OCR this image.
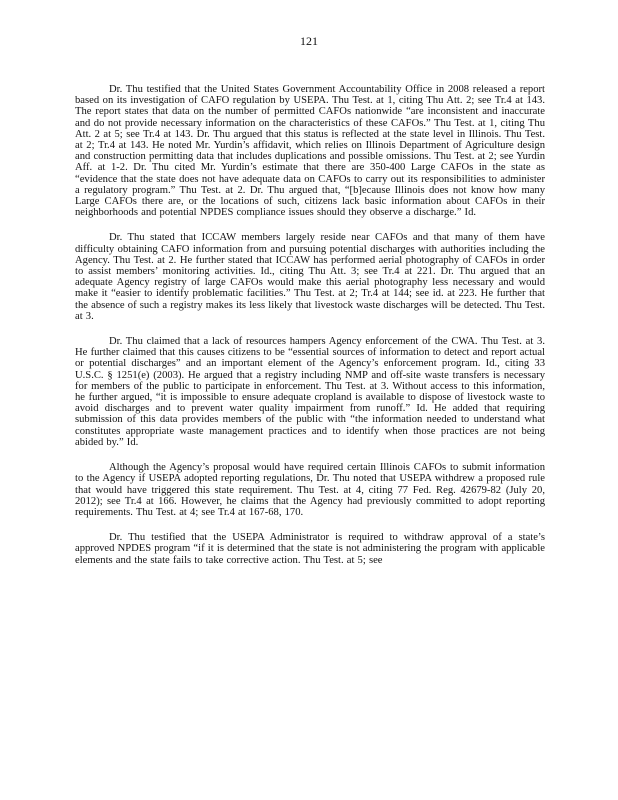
121

Dr. Thu testified that the United States Government Accountability Office in 2008 released a report based on its investigation of CAFO regulation by USEPA. Thu Test. at 1, citing Thu Att. 2; see Tr.4 at 143. The report states that data on the number of permitted CAFOs nationwide “are inconsistent and inaccurate and do not provide necessary information on the characteristics of these CAFOs.” Thu Test. at 1, citing Thu Att. 2 at 5; see Tr.4 at 143. Dr. Thu argued that this status is reflected at the state level in Illinois. Thu Test. at 2; Tr.4 at 143. He noted Mr. Yurdin’s affidavit, which relies on Illinois Department of Agriculture design and construction permitting data that includes duplications and possible omissions. Thu Test. at 2; see Yurdin Aff. at 1-2. Dr. Thu cited Mr. Yurdin’s estimate that there are 350-400 Large CAFOs in the state as “evidence that the state does not have adequate data on CAFOs to carry out its responsibilities to administer a regulatory program.” Thu Test. at 2. Dr. Thu argued that, “[b]ecause Illinois does not know how many Large CAFOs there are, or the locations of such, citizens lack basic information about CAFOs in their neighborhoods and potential NPDES compliance issues should they observe a discharge.” Id.

Dr. Thu stated that ICCAW members largely reside near CAFOs and that many of them have difficulty obtaining CAFO information from and pursuing potential discharges with authorities including the Agency. Thu Test. at 2. He further stated that ICCAW has performed aerial photography of CAFOs in order to assist members’ monitoring activities. Id., citing Thu Att. 3; see Tr.4 at 221. Dr. Thu argued that an adequate Agency registry of large CAFOs would make this aerial photography less necessary and would make it “easier to identify problematic facilities.” Thu Test. at 2; Tr.4 at 144; see id. at 223. He further that the absence of such a registry makes its less likely that livestock waste discharges will be detected. Thu Test. at 3.

Dr. Thu claimed that a lack of resources hampers Agency enforcement of the CWA. Thu Test. at 3. He further claimed that this causes citizens to be “essential sources of information to detect and report actual or potential discharges” and an important element of the Agency’s enforcement program. Id., citing 33 U.S.C. § 1251(e) (2003). He argued that a registry including NMP and off-site waste transfers is necessary for members of the public to participate in enforcement. Thu Test. at 3. Without access to this information, he further argued, “it is impossible to ensure adequate cropland is available to dispose of livestock waste to avoid discharges and to prevent water quality impairment from runoff.” Id. He added that requiring submission of this data provides members of the public with “the information needed to understand what constitutes appropriate waste management practices and to identify when those practices are not being abided by.” Id.

Although the Agency’s proposal would have required certain Illinois CAFOs to submit information to the Agency if USEPA adopted reporting regulations, Dr. Thu noted that USEPA withdrew a proposed rule that would have triggered this state requirement. Thu Test. at 4, citing 77 Fed. Reg. 42679-82 (July 20, 2012); see Tr.4 at 166. However, he claims that the Agency had previously committed to adopt reporting requirements. Thu Test. at 4; see Tr.4 at 167-68, 170.

Dr. Thu testified that the USEPA Administrator is required to withdraw approval of a state’s approved NPDES program “if it is determined that the state is not administering the program with applicable elements and the state fails to take corrective action. Thu Test. at 5; see
